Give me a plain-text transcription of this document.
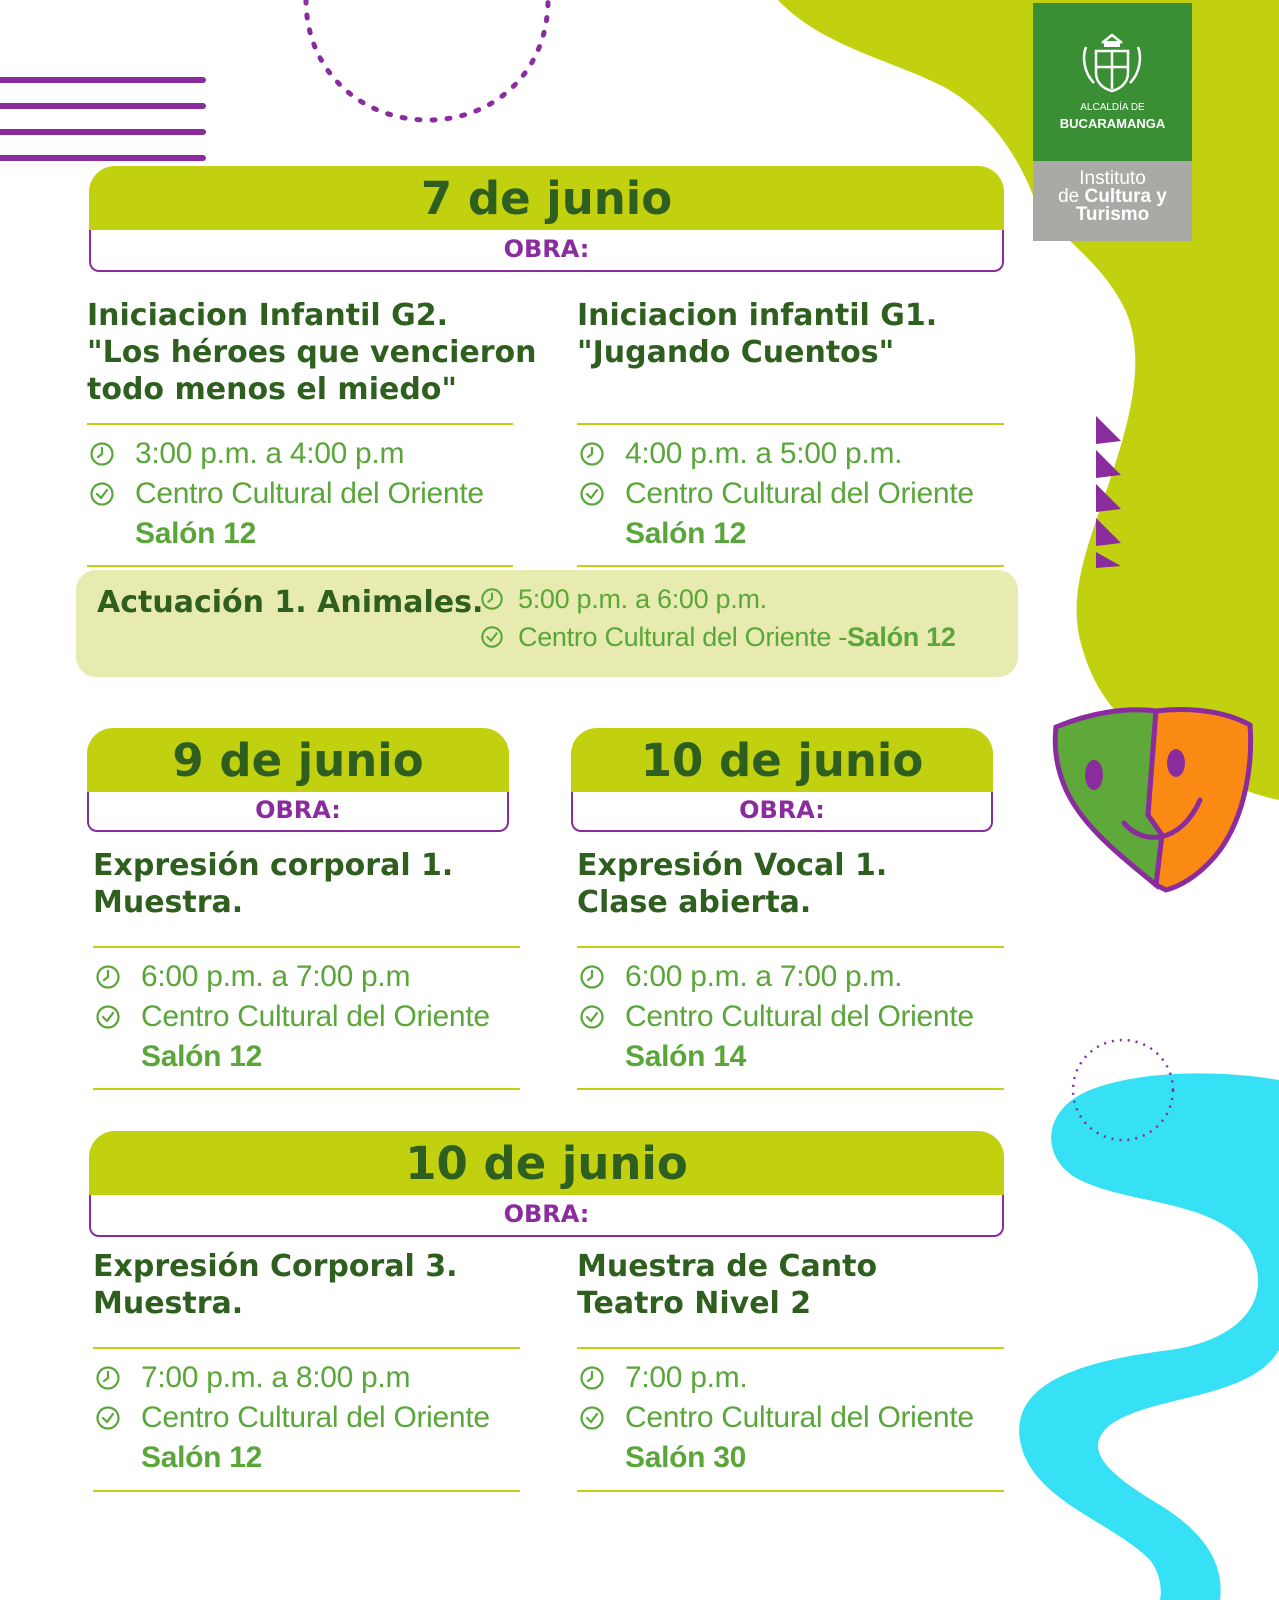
ALCALDÍA DE
BUCARAMANGA
Instituto
de Cultura y
Turismo
7 de junio
OBRA:
Iniciacion Infantil G2.
"Los héroes que vencieron
todo menos el miedo"
3:00 p.m. a 4:00 p.m
Centro Cultural del Oriente
Salón 12
Iniciacion infantil G1.
"Jugando Cuentos"
4:00 p.m. a 5:00 p.m.
Centro Cultural del Oriente
Salón 12
Actuación 1. Animales. 5:00 p.m. a 6:00 p.m.
Centro Cultural del Oriente - Salón 12
9 de junio
OBRA:
Expresión corporal 1.
Muestra.
6:00 p.m. a 7:00 p.m
Centro Cultural del Oriente
Salón 12
10 de junio
OBRA:
Expresión Vocal 1.
Clase abierta.
6:00 p.m. a 7:00 p.m.
Centro Cultural del Oriente
Salón 14
10 de junio
OBRA:
Expresión Corporal 3.
Muestra.
7:00 p.m. a 8:00 p.m
Centro Cultural del Oriente
Salón 12
Muestra de Canto
Teatro Nivel 2
7:00 p.m.
Centro Cultural del Oriente
Salón 30
